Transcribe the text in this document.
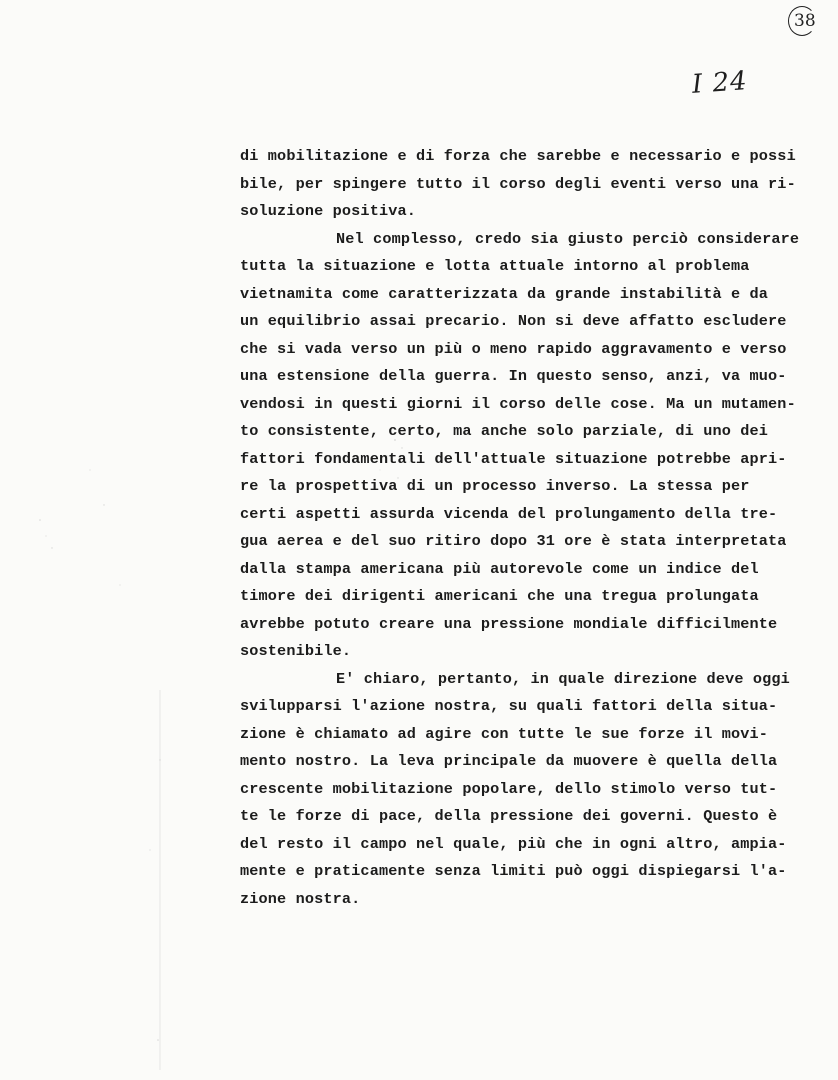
38
I 24
di mobilitazione e di forza che sarebbe e necessario e possi
bile, per spingere tutto il corso degli eventi verso una ri-
soluzione positiva.
Nel complesso, credo sia giusto perciò considerare
tutta la situazione e lotta attuale intorno al problema
vietnamita come caratterizzata da grande instabilità e da
un equilibrio assai precario. Non si deve affatto escludere
che si vada verso un più o meno rapido aggravamento e verso
una estensione della guerra. In questo senso, anzi, va muo-
vendosi in questi giorni il corso delle cose. Ma un mutamen-
to consistente, certo, ma anche solo parziale, di uno dei
fattori fondamentali dell'attuale situazione potrebbe apri-
re la prospettiva di un processo inverso. La stessa per
certi aspetti assurda vicenda del prolungamento della tre-
gua aerea e del suo ritiro dopo 31 ore è stata interpretata
dalla stampa americana più autorevole come un indice del
timore dei dirigenti americani che una tregua prolungata
avrebbe potuto creare una pressione mondiale difficilmente
sostenibile.
E' chiaro, pertanto, in quale direzione deve oggi
svilupparsi l'azione nostra, su quali fattori della situa-
zione è chiamato ad agire con tutte le sue forze il movi-
mento nostro. La leva principale da muovere è quella della
crescente mobilitazione popolare, dello stimolo verso tut-
te le forze di pace, della pressione dei governi. Questo è
del resto il campo nel quale, più che in ogni altro, ampia-
mente e praticamente senza limiti può oggi dispiegarsi l'a-
zione nostra.
